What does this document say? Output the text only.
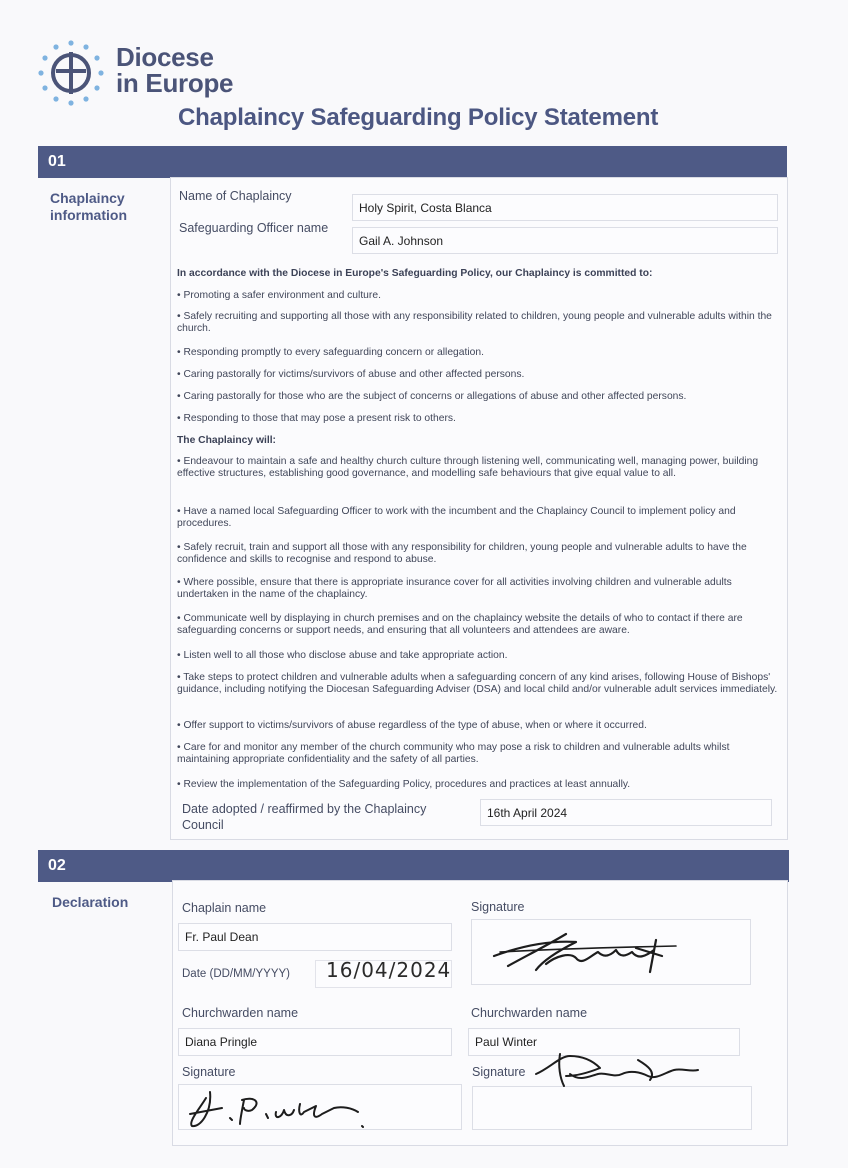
Diocese
in Europe
Chaplaincy Safeguarding Policy Statement
01
Chaplaincy
information
Name of Chaplaincy
Holy Spirit, Costa Blanca
Safeguarding Officer name
Gail A. Johnson
In accordance with the Diocese in Europe's Safeguarding Policy, our Chaplaincy is committed to:
• Promoting a safer environment and culture.
• Safely recruiting and supporting all those with any responsibility related to children, young people and vulnerable adults within the church.
• Responding promptly to every safeguarding concern or allegation.
• Caring pastorally for victims/survivors of abuse and other affected persons.
• Caring pastorally for those who are the subject of concerns or allegations of abuse and other affected persons.
• Responding to those that may pose a present risk to others.
The Chaplaincy will:
• Endeavour to maintain a safe and healthy church culture through listening well, communicating well, managing power, building effective structures, establishing good governance, and modelling safe behaviours that give equal value to all.
• Have a named local Safeguarding Officer to work with the incumbent and the Chaplaincy Council to implement policy and procedures.
• Safely recruit, train and support all those with any responsibility for children, young people and vulnerable adults to have the confidence and skills to recognise and respond to abuse.
• Where possible, ensure that there is appropriate insurance cover for all activities involving children and vulnerable adults undertaken in the name of the chaplaincy.
• Communicate well by displaying in church premises and on the chaplaincy website the details of who to contact if there are safeguarding concerns or support needs, and ensuring that all volunteers and attendees are aware.
• Listen well to all those who disclose abuse and take appropriate action.
• Take steps to protect children and vulnerable adults when a safeguarding concern of any kind arises, following House of Bishops' guidance, including notifying the Diocesan Safeguarding Adviser (DSA) and local child and/or vulnerable adult services immediately.
• Offer support to victims/survivors of abuse regardless of the type of abuse, when or where it occurred.
• Care for and monitor any member of the church community who may pose a risk to children and vulnerable adults whilst maintaining appropriate confidentiality and the safety of all parties.
• Review the implementation of the Safeguarding Policy, procedures and practices at least annually.
Date adopted / reaffirmed by the Chaplaincy
Council
16th April 2024
02
Declaration	Chaplain name
Fr. Paul Dean
Signature
Date (DD/MM/YYYY) 16/04/2024
Churchwarden name
Diana Pringle
Churchwarden name
Paul Winter
Signature	Signature
